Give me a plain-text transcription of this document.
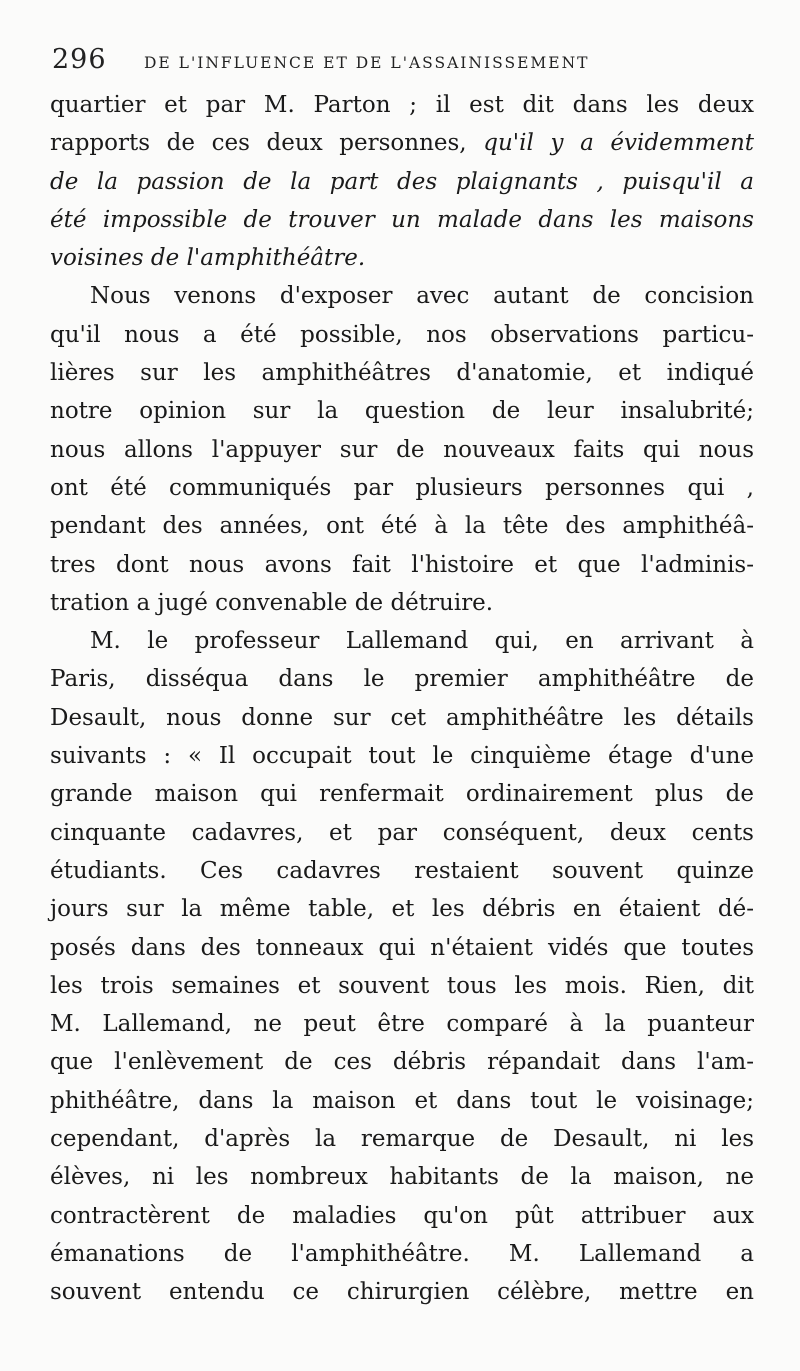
296	DE L'INFLUENCE ET DE L'ASSAINISSEMENT
quartier et par M. Parton ; il est dit dans les deux
rapports de ces deux personnes, qu'il y a évidemment
de la passion de la part des plaignants , puisqu'il a
été impossible de trouver un malade dans les maisons
voisines de l'amphithéâtre.
Nous venons d'exposer avec autant de concision
qu'il nous a été possible, nos observations particu-
lières sur les amphithéâtres d'anatomie, et indiqué
notre opinion sur la question de leur insalubrité;
nous allons l'appuyer sur de nouveaux faits qui nous
ont été communiqués par plusieurs personnes qui ,
pendant des années, ont été à la tête des amphithéâ-
tres dont nous avons fait l'histoire et que l'adminis-
tration a jugé convenable de détruire.
M. le professeur Lallemand qui, en arrivant à
Paris, disséqua dans le premier amphithéâtre de
Desault, nous donne sur cet amphithéâtre les détails
suivants : « Il occupait tout le cinquième étage d'une
grande maison qui renfermait ordinairement plus de
cinquante cadavres, et par conséquent, deux cents
étudiants. Ces cadavres restaient souvent quinze
jours sur la même table, et les débris en étaient dé-
posés dans des tonneaux qui n'étaient vidés que toutes
les trois semaines et souvent tous les mois. Rien, dit
M. Lallemand, ne peut être comparé à la puanteur
que l'enlèvement de ces débris répandait dans l'am-
phithéâtre, dans la maison et dans tout le voisinage;
cependant, d'après la remarque de Desault, ni les
élèves, ni les nombreux habitants de la maison, ne
contractèrent de maladies qu'on pût attribuer aux
émanations de l'amphithéâtre. M. Lallemand a
souvent entendu ce chirurgien célèbre, mettre en
